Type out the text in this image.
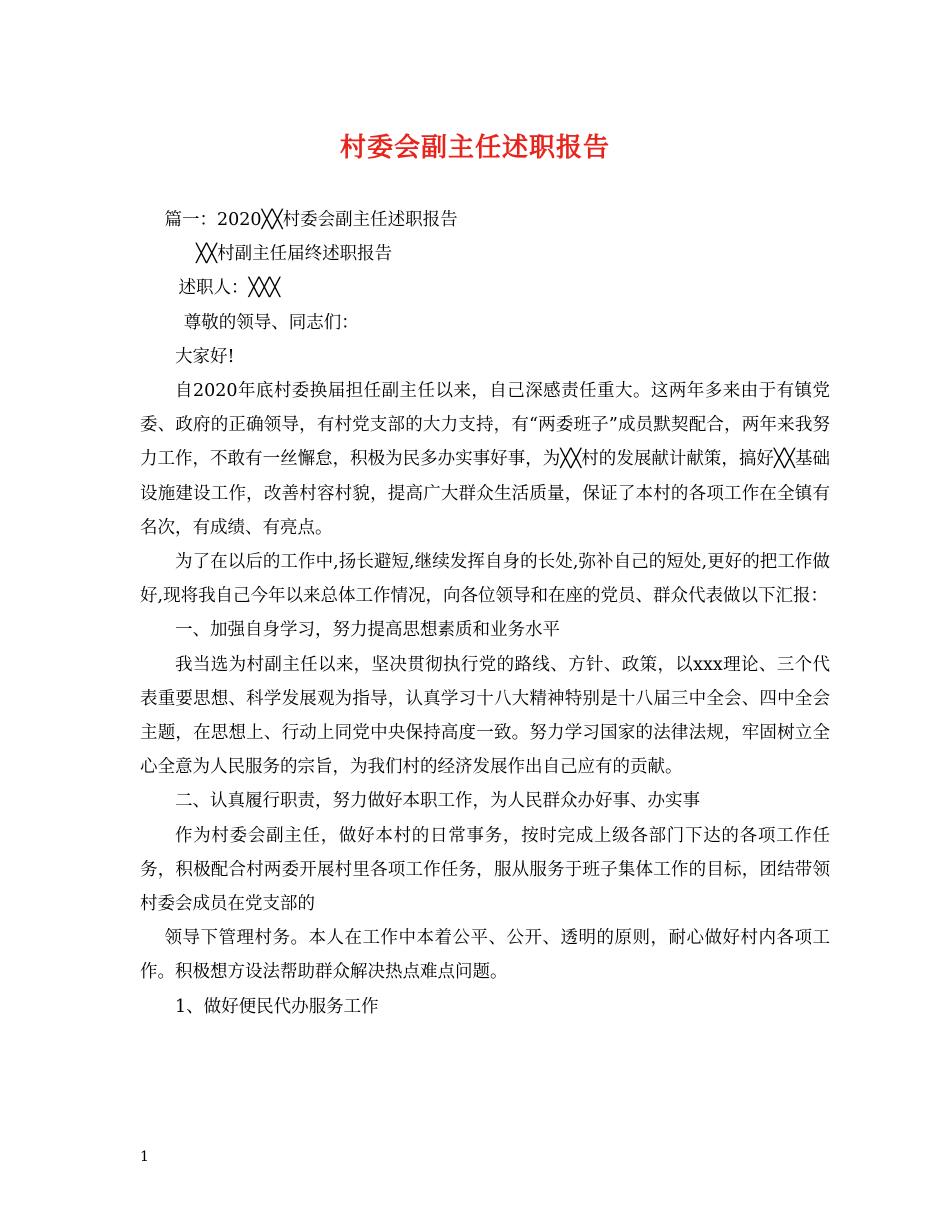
村委会副主任述职报告

篇一：2020╳╳村委会副主任述职报告

╳╳村副主任届终述职报告

述职人：╳╳╳

尊敬的领导、同志们：

大家好!

自2020年底村委换届担任副主任以来，自己深感责任重大。这两年多来由于有镇党委、政府的正确领导，有村党支部的大力支持，有“两委班子”成员默契配合，两年来我努力工作，不敢有一丝懈怠，积极为民多办实事好事，为╳╳村的发展献计献策，搞好╳╳基础设施建设工作，改善村容村貌，提高广大群众生活质量，保证了本村的各项工作在全镇有名次，有成绩、有亮点。

为了在以后的工作中,扬长避短,继续发挥自身的长处,弥补自己的短处,更好的把工作做好,现将我自己今年以来总体工作情况，向各位领导和在座的党员、群众代表做以下汇报：

一、加强自身学习，努力提高思想素质和业务水平

我当选为村副主任以来，坚决贯彻执行党的路线、方针、政策，以xxx理论、三个代表重要思想、科学发展观为指导，认真学习十八大精神特别是十八届三中全会、四中全会主题，在思想上、行动上同党中央保持高度一致。努力学习国家的法律法规，牢固树立全心全意为人民服务的宗旨，为我们村的经济发展作出自己应有的贡献。

二、认真履行职责，努力做好本职工作，为人民群众办好事、办实事

作为村委会副主任，做好本村的日常事务，按时完成上级各部门下达的各项工作任务，积极配合村两委开展村里各项工作任务，服从服务于班子集体工作的目标，团结带领村委会成员在党支部的

领导下管理村务。本人在工作中本着公平、公开、透明的原则，耐心做好村内各项工作。积极想方设法帮助群众解决热点难点问题。

1、做好便民代办服务工作

1
